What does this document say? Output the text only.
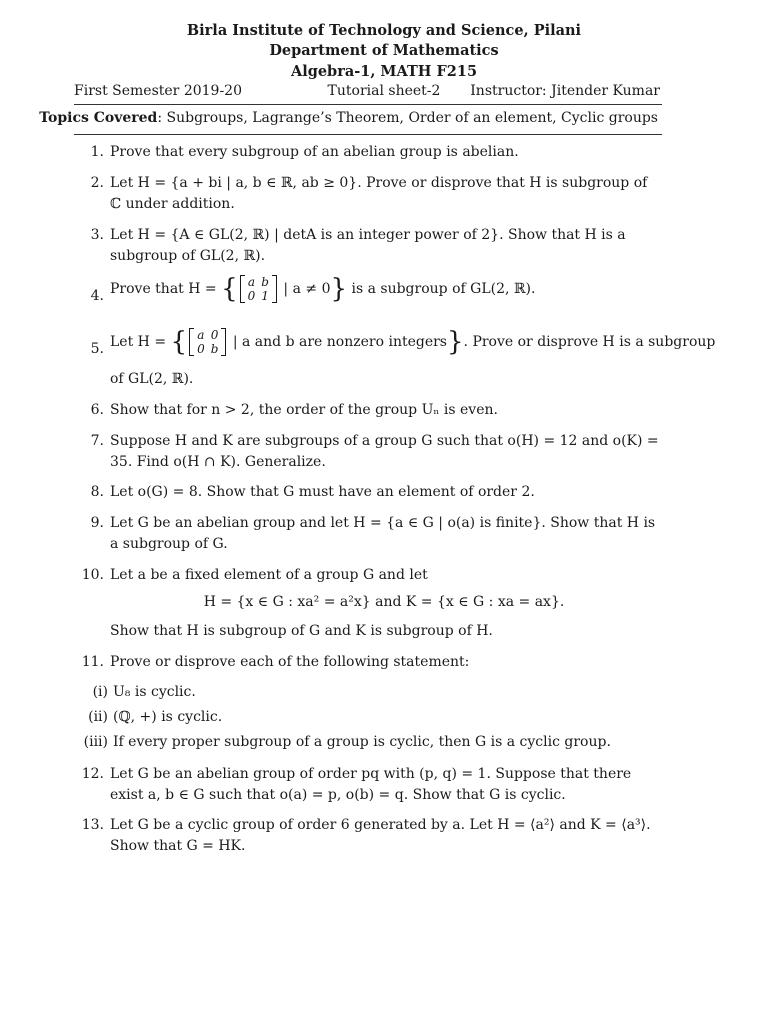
Birla Institute of Technology and Science, Pilani
Department of Mathematics
Algebra-1, MATH F215
First Semester 2019-20	Tutorial sheet-2	Instructor: Jitender Kumar
Topics Covered: Subgroups, Lagrange’s Theorem, Order of an element, Cyclic groups
1. Prove that every subgroup of an abelian group is abelian.
2. Let H = {a + bi | a, b ∈ ℝ, ab ≥ 0}. Prove or disprove that H is subgroup of ℂ under addition.
3. Let H = {A ∈ GL(2, ℝ) | detA is an integer power of 2}. Show that H is a subgroup of GL(2, ℝ).
4. Prove that H = { a	b
0	1 | a ≠ 0} is a subgroup of GL(2, ℝ).
5. Let H = { a	0
0	b | a and b are nonzero integers}. Prove or disprove H is a subgroup
of GL(2, ℝ).
6. Show that for n > 2, the order of the group Uₙ is even.
7. Suppose H and K are subgroups of a group G such that o(H) = 12 and o(K) = 35. Find o(H ∩ K). Generalize.
8. Let o(G) = 8. Show that G must have an element of order 2.
9. Let G be an abelian group and let H = {a ∈ G | o(a) is finite}. Show that H is a subgroup of G.
10. Let a be a fixed element of a group G and let
H = {x ∈ G : xa² = a²x} and K = {x ∈ G : xa = ax}.
Show that H is subgroup of G and K is subgroup of H.
11. Prove or disprove each of the following statement:
(i) U₈ is cyclic.
(ii) (ℚ, +) is cyclic.
(iii) If every proper subgroup of a group is cyclic, then G is a cyclic group.
12. Let G be an abelian group of order pq with (p, q) = 1. Suppose that there exist a, b ∈ G such that o(a) = p, o(b) = q. Show that G is cyclic.
13. Let G be a cyclic group of order 6 generated by a. Let H = ⟨a²⟩ and K = ⟨a³⟩. Show that G = HK.
